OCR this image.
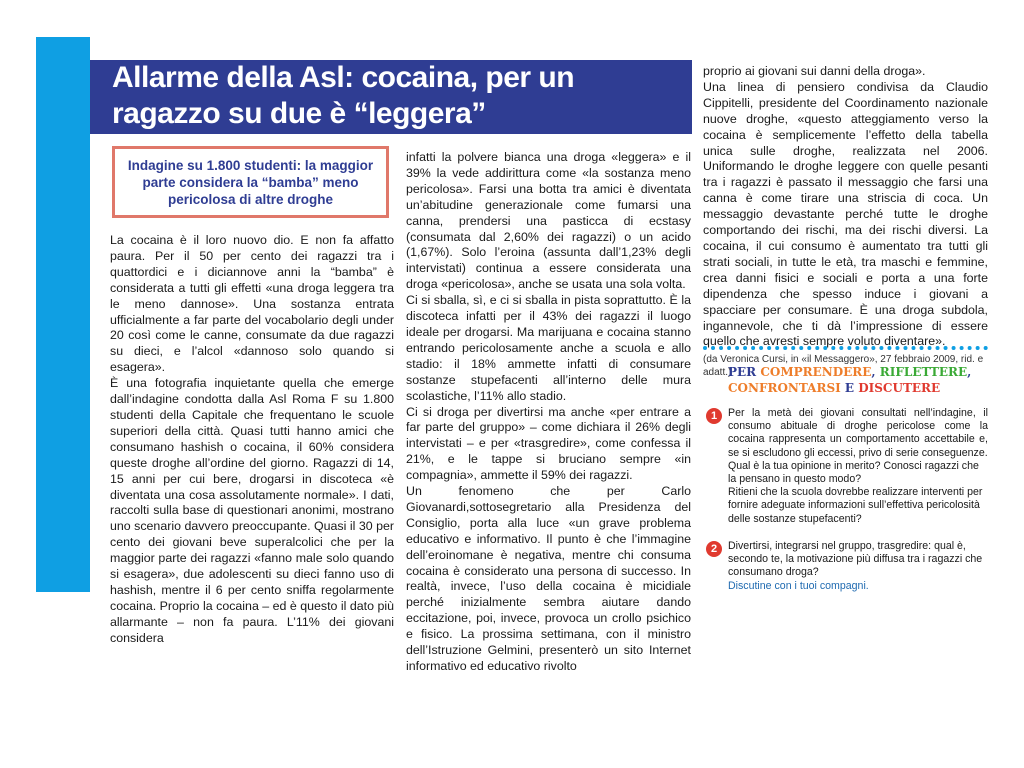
Allarme della Asl: cocaina, per un ragazzo su due è “leggera”

Indagine su 1.800 studenti: la maggior parte considera la “bamba” meno pericolosa di altre droghe

La cocaina è il loro nuovo dio. E non fa affatto paura. Per il 50 per cento dei ragazzi tra i quattordici e i diciannove anni la “bamba” è considerata a tutti gli effetti «una droga leggera tra le meno dannose». Una sostanza entrata ufficialmente a far parte del vocabolario degli under 20 così come le canne, consumate da due ragazzi su dieci, e l’alcol «dannoso solo quando si esagera».

È una fotografia inquietante quella che emerge dall’indagine condotta dalla Asl Roma F su 1.800 studenti della Capitale che frequentano le scuole superiori della città. Quasi tutti hanno amici che consumano hashish o cocaina, il 60% considera queste droghe all’ordine del giorno. Ragazzi di 14, 15 anni per cui bere, drogarsi in discoteca «è diventata una cosa assolutamente normale». I dati, raccolti sulla base di questionari anonimi, mostrano uno scenario davvero preoccupante. Quasi il 30 per cento dei giovani beve superalcolici che per la maggior parte dei ragazzi «fanno male solo quando si esagera», due adolescenti su dieci fanno uso di hashish, mentre il 6 per cento sniffa regolarmente cocaina. Proprio la cocaina – ed è questo il dato più allarmante – non fa paura. L’11% dei giovani considera

infatti la polvere bianca una droga «leggera» e il 39% la vede addirittura come «la sostanza meno pericolosa». Farsi una botta tra amici è diventata un’abitudine generazionale come fumarsi una canna, prendersi una pasticca di ecstasy (consumata dal 2,60% dei ragazzi) o un acido (1,67%). Solo l’eroina (assunta dall’1,23% degli intervistati) continua a essere considerata una droga «pericolosa», anche se usata una sola volta.

Ci si sballa, sì, e ci si sballa in pista soprattutto. È la discoteca infatti per il 43% dei ragazzi il luogo ideale per drogarsi. Ma marijuana e cocaina stanno entrando pericolosamente anche a scuola e allo stadio: il 18% ammette infatti di consumare sostanze stupefacenti all’interno delle mura scolastiche, l’11% allo stadio.

Ci si droga per divertirsi ma anche «per entrare a far parte del gruppo» – come dichiara il 26% degli intervistati – e per «trasgredire», come confessa il 21%, e le tappe si bruciano sempre «in compagnia», ammette il 59% dei ragazzi.

Un fenomeno che per Carlo Giovanardi,sottosegretario alla Presidenza del Consiglio, porta alla luce «un grave problema educativo e informativo. Il punto è che l’immagine dell’eroinomane è negativa, mentre chi consuma cocaina è considerato una persona di successo. In realtà, invece, l’uso della cocaina è micidiale perché inizialmente sembra aiutare dando eccitazione, poi, invece, provoca un crollo psichico e fisico. La prossima settimana, con il ministro dell’Istruzione Gelmini, presenterò un sito Internet informativo ed educativo rivolto

proprio ai giovani sui danni della droga».

Una linea di pensiero condivisa da Claudio Cippitelli, presidente del Coordinamento nazionale nuove droghe, «questo atteggiamento verso la cocaina è semplicemente l’effetto della tabella unica sulle droghe, realizzata nel 2006. Uniformando le droghe leggere con quelle pesanti tra i ragazzi è passato il messaggio che farsi una canna è come tirare una striscia di coca. Un messaggio devastante perché tutte le droghe comportando dei rischi, ma dei rischi diversi. La cocaina, il cui consumo è aumentato tra tutti gli strati sociali, in tutte le età, tra maschi e femmine, crea danni fisici e sociali e porta a una forte dipendenza che spesso induce i giovani a spacciare per consumare. È una droga subdola, ingannevole, che ti dà l’impressione di essere quello che avresti sempre voluto diventare».

(da Veronica Cursi, in «il Messaggero», 27 febbraio 2009, rid. e adatt.)

PER COMPRENDERE, RIFLETTERE,
CONFRONTARSI E DISCUTERE

1	Per la metà dei giovani consultati nell’indagine, il consumo abituale di droghe pericolose come la cocaina rappresenta un comportamento accettabile e, se si escludono gli eccessi, privo di serie conseguenze.

Qual è la tua opinione in merito? Conosci ragazzi che la pensano in questo modo?

Ritieni che la scuola dovrebbe realizzare interventi per fornire adeguate informazioni sull’effettiva pericolosità delle sostanze stupefacenti?

2	Divertirsi, integrarsi nel gruppo, trasgredire: qual è, secondo te, la motivazione più diffusa tra i ragazzi che consumano droga?

Discutine con i tuoi compagni.
